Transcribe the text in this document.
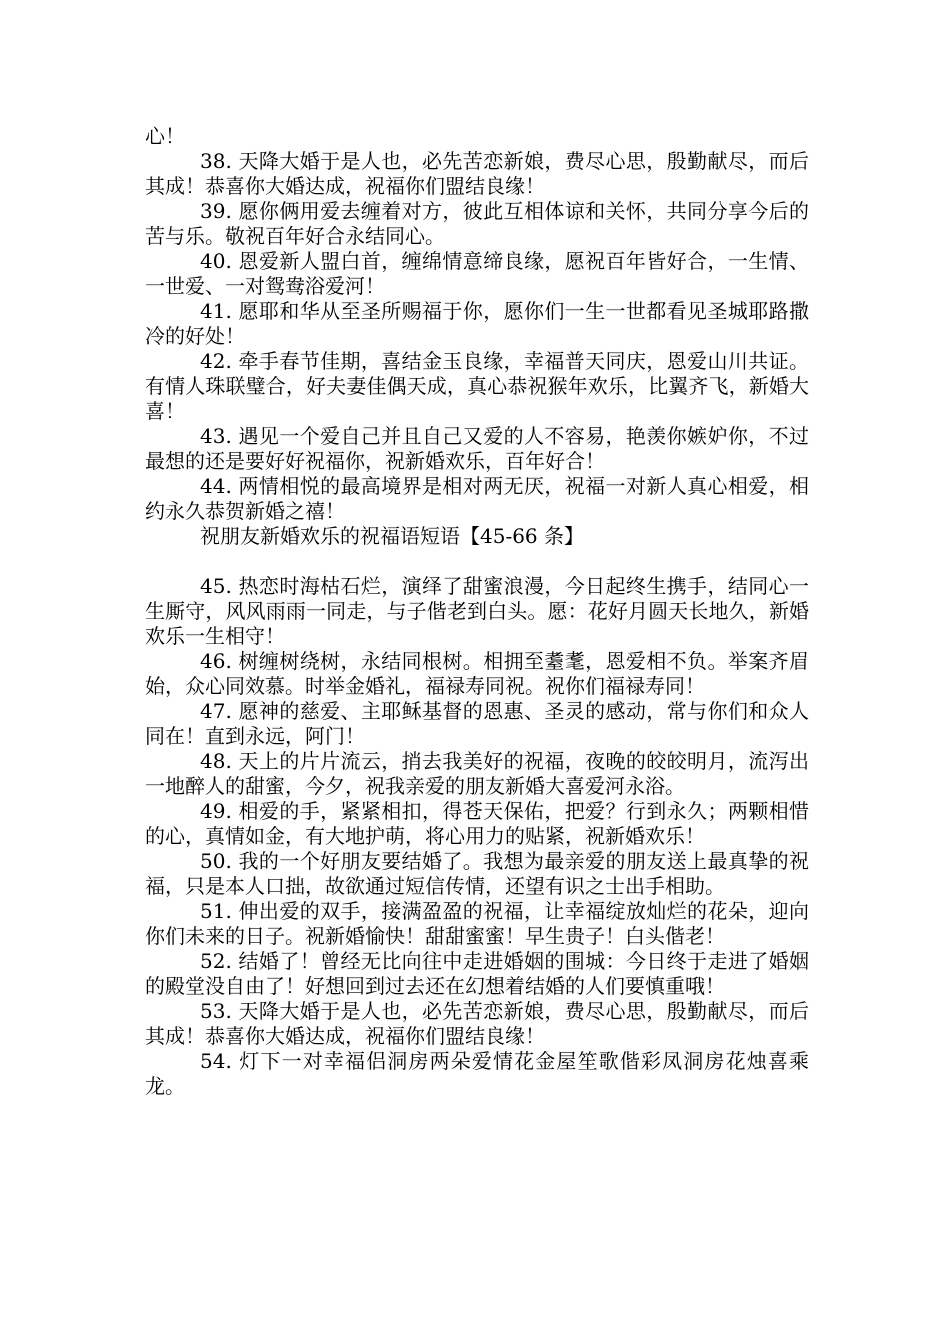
心！

38. 天降大婚于是人也，必先苦恋新娘，费尽心思，殷勤献尽，而后其成！恭喜你大婚达成，祝福你们盟结良缘！

39. 愿你俩用爱去缠着对方，彼此互相体谅和关怀，共同分享今后的苦与乐。敬祝百年好合永结同心。

40. 恩爱新人盟白首，缠绵情意缔良缘，愿祝百年皆好合，一生情、一世爱、一对鸳鸯浴爱河！

41. 愿耶和华从至圣所赐福于你，愿你们一生一世都看见圣城耶路撒冷的好处！

42. 牵手春节佳期，喜结金玉良缘，幸福普天同庆，恩爱山川共证。有情人珠联璧合，好夫妻佳偶天成，真心恭祝猴年欢乐，比翼齐飞，新婚大喜！

43. 遇见一个爱自己并且自己又爱的人不容易，艳羡你嫉妒你，不过最想的还是要好好祝福你，祝新婚欢乐，百年好合！

44. 两情相悦的最高境界是相对两无厌，祝福一对新人真心相爱，相约永久恭贺新婚之禧！

祝朋友新婚欢乐的祝福语短语【45-66 条】

45. 热恋时海枯石烂，演绎了甜蜜浪漫，今日起终生携手，结同心一生厮守，风风雨雨一同走，与子偕老到白头。愿：花好月圆天长地久，新婚欢乐一生相守！

46. 树缠树绕树，永结同根树。相拥至耋耄，恩爱相不负。举案齐眉始，众心同效慕。时举金婚礼，福禄寿同祝。祝你们福禄寿同！

47. 愿神的慈爱、主耶稣基督的恩惠、圣灵的感动，常与你们和众人同在！直到永远，阿门！

48. 天上的片片流云，捎去我美好的祝福，夜晚的皎皎明月，流泻出一地醉人的甜蜜，今夕，祝我亲爱的朋友新婚大喜爱河永浴。

49. 相爱的手，紧紧相扣，得苍天保佑，把爱？行到永久；两颗相惜的心，真情如金，有大地护萌，将心用力的贴紧，祝新婚欢乐！

50. 我的一个好朋友要结婚了。我想为最亲爱的朋友送上最真挚的祝福，只是本人口拙，故欲通过短信传情，还望有识之士出手相助。

51. 伸出爱的双手，接满盈盈的祝福，让幸福绽放灿烂的花朵，迎向你们未来的日子。祝新婚愉快！甜甜蜜蜜！早生贵子！白头偕老！

52. 结婚了！曾经无比向往中走进婚姻的围城：今日终于走进了婚姻的殿堂没自由了！好想回到过去还在幻想着结婚的人们要慎重哦！

53. 天降大婚于是人也，必先苦恋新娘，费尽心思，殷勤献尽，而后其成！恭喜你大婚达成，祝福你们盟结良缘！

54. 灯下一对幸福侣洞房两朵爱情花金屋笙歌偕彩凤洞房花烛喜乘龙。
